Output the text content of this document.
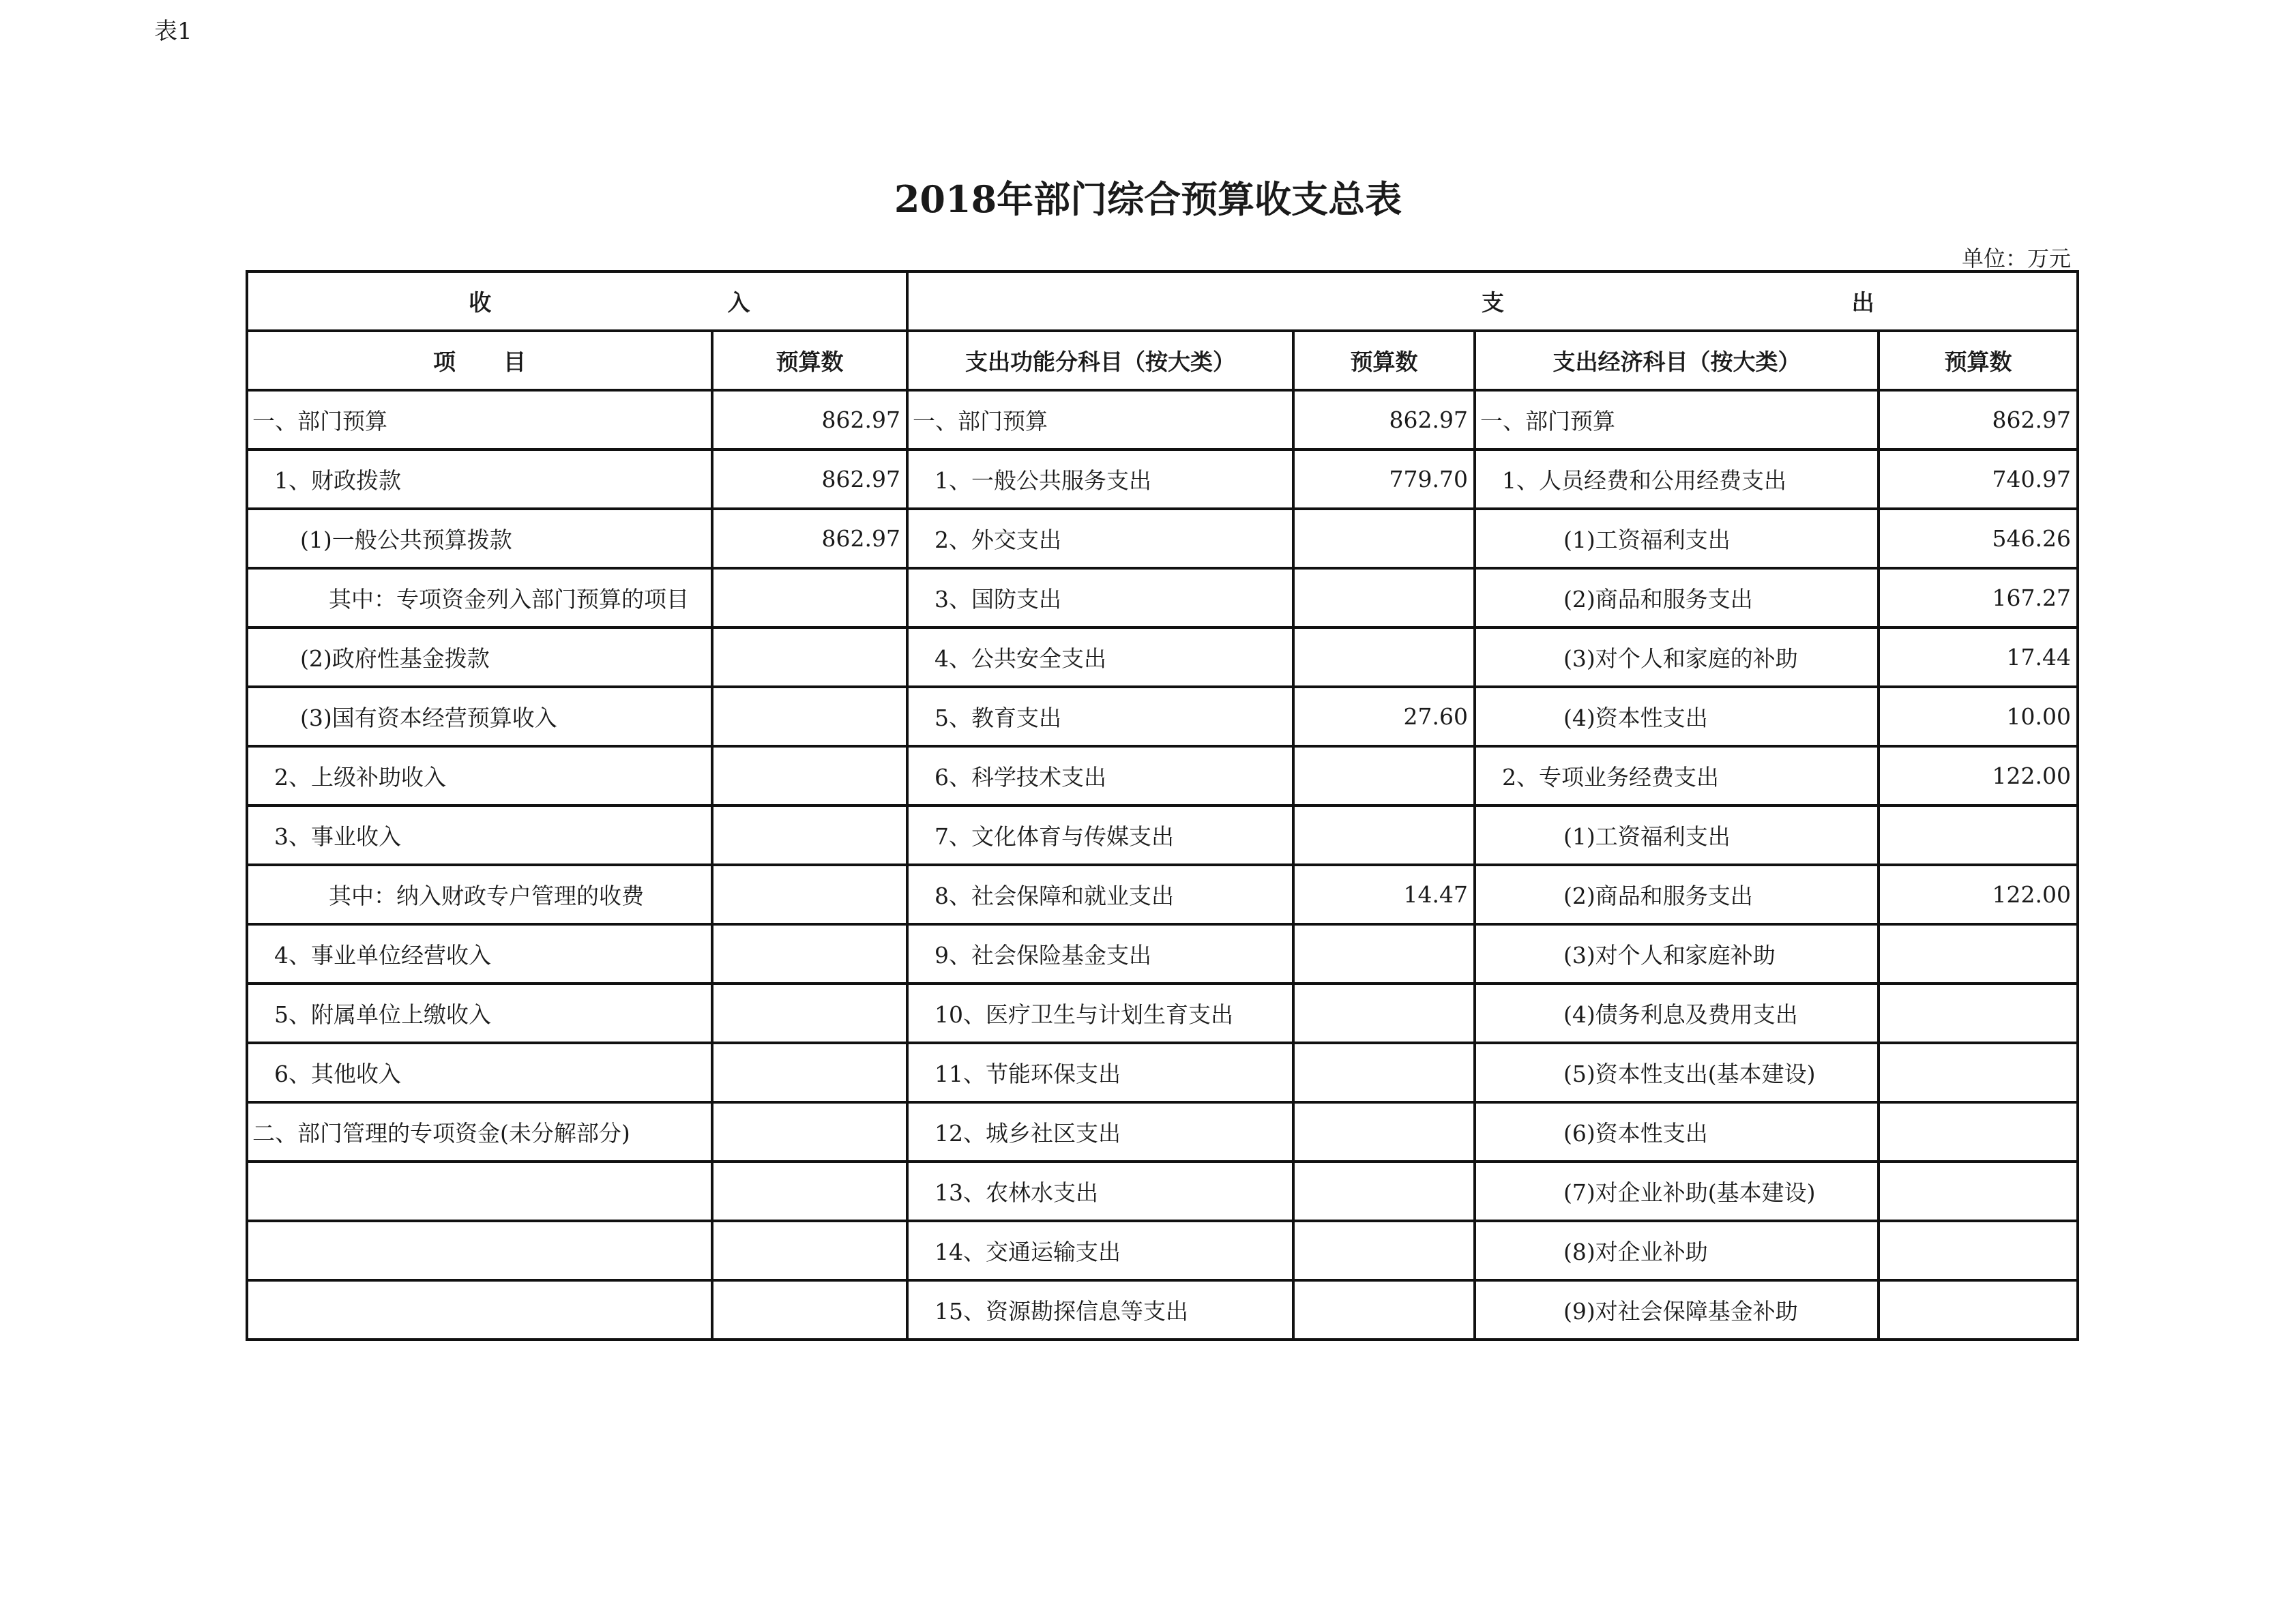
表1
2018年部门综合预算收支总表
单位：万元
收 入		支 出			
项 目	预算数	支出功能分科目（按大类）	预算数	支出经济科目（按大类）	预算数
一、部门预算	862.97	一、部门预算	862.97	一、部门预算	862.97
1、财政拨款	862.97	1、一般公共服务支出	779.70	1、人员经费和公用经费支出	740.97
(1)一般公共预算拨款	862.97	2、外交支出		(1)工资福利支出	546.26
其中：专项资金列入部门预算的项目		3、国防支出		(2)商品和服务支出	167.27
(2)政府性基金拨款		4、公共安全支出		(3)对个人和家庭的补助	17.44
(3)国有资本经营预算收入		5、教育支出	27.60	(4)资本性支出	10.00
2、上级补助收入		6、科学技术支出		2、专项业务经费支出	122.00
3、事业收入		7、文化体育与传媒支出		(1)工资福利支出	
其中：纳入财政专户管理的收费		8、社会保障和就业支出	14.47	(2)商品和服务支出	122.00
4、事业单位经营收入		9、社会保险基金支出		(3)对个人和家庭补助	
5、附属单位上缴收入		10、医疗卫生与计划生育支出		(4)债务利息及费用支出	
6、其他收入		11、节能环保支出		(5)资本性支出(基本建设)	
二、部门管理的专项资金(未分解部分)		12、城乡社区支出		(6)资本性支出	
		13、农林水支出		(7)对企业补助(基本建设)	
		14、交通运输支出		(8)对企业补助	
		15、资源勘探信息等支出		(9)对社会保障基金补助	
